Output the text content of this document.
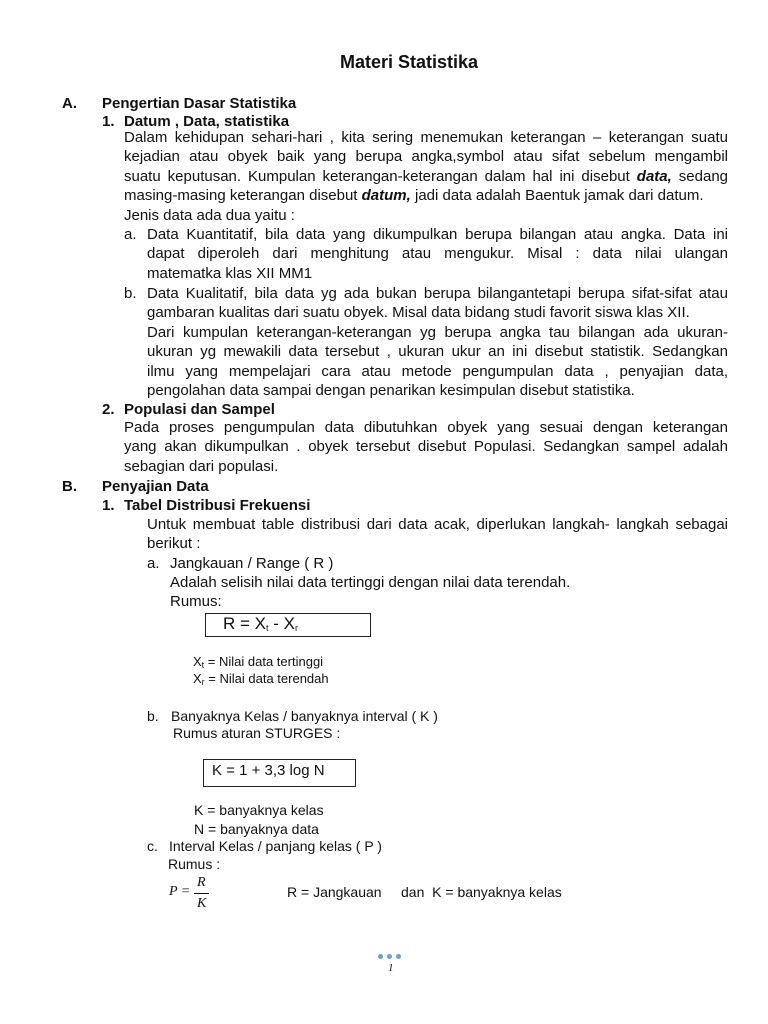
Materi Statistika
A. Pengertian Dasar Statistika
1. Datum , Data, statistika
Dalam kehidupan sehari-hari , kita sering menemukan keterangan – keterangan suatu
kejadian atau obyek baik yang berupa angka,symbol atau sifat sebelum mengambil
suatu keputusan. Kumpulan keterangan-keterangan dalam hal ini disebut data, sedang
masing-masing keterangan disebut datum, jadi data adalah Baentuk jamak dari datum.
Jenis data ada dua yaitu :
a. Data Kuantitatif, bila data yang dikumpulkan berupa bilangan atau angka. Data ini
dapat diperoleh dari menghitung atau mengukur. Misal : data nilai ulangan
matematka klas XII MM1
b. Data Kualitatif, bila data yg ada bukan berupa bilangantetapi berupa sifat-sifat atau
gambaran kualitas dari suatu obyek. Misal data bidang studi favorit siswa klas XII.
Dari kumpulan keterangan-keterangan yg berupa angka tau bilangan ada ukuran-
ukuran yg mewakili data tersebut , ukuran ukur an ini disebut statistik. Sedangkan
ilmu yang mempelajari cara atau metode pengumpulan data , penyajian data,
pengolahan data sampai dengan penarikan kesimpulan disebut statistika.
2. Populasi dan Sampel
Pada proses pengumpulan data dibutuhkan obyek yang sesuai dengan keterangan
yang akan dikumpulkan . obyek tersebut disebut Populasi. Sedangkan sampel adalah
sebagian dari populasi.
B. Penyajian Data
1. Tabel Distribusi Frekuensi
Untuk membuat table distribusi dari data acak, diperlukan langkah- langkah sebagai
berikut :
a. Jangkauan / Range ( R )
Adalah selisih nilai data tertinggi dengan nilai data terendah.
Rumus:
$R = X_t - X_r$
$X_t$ = Nilai data tertinggi
$X_r$ = Nilai data terendah
b. Banyaknya Kelas / banyaknya interval ( K )
Rumus aturan STURGES :
K = 1 + 3,3 log N
K = banyaknya kelas
N = banyaknya data
c. Interval Kelas / panjang kelas ( P )
Rumus :
P =
R
K
R = Jangkauan     dan  K = banyaknya kelas
1
